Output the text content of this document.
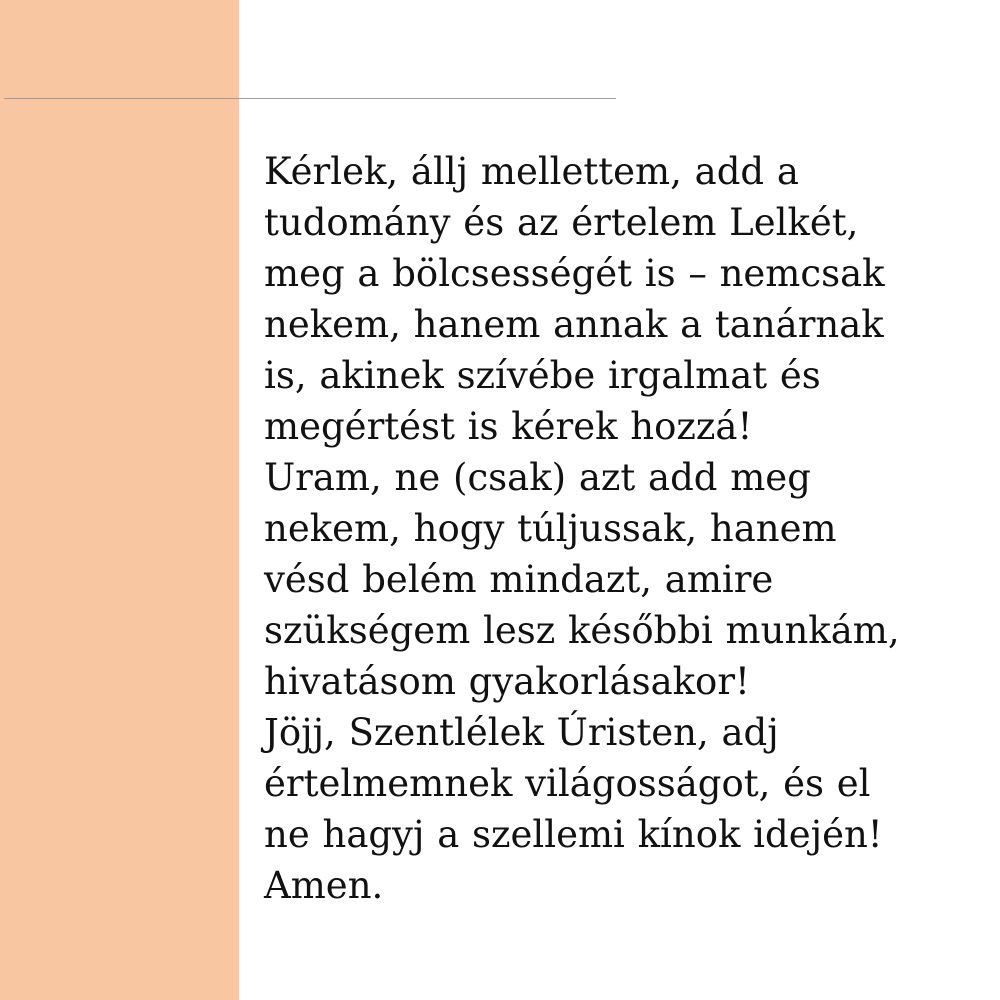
Kérlek, állj mellettem, add a
tudomány és az értelem Lelkét,
meg a bölcsességét is – nemcsak
nekem, hanem annak a tanárnak
is, akinek szívébe irgalmat és
megértést is kérek hozzá!
Uram, ne (csak) azt add meg
nekem, hogy túljussak, hanem
vésd belém mindazt, amire
szükségem lesz későbbi munkám,
hivatásom gyakorlásakor!
Jöjj, Szentlélek Úristen, adj
értelmemnek világosságot, és el
ne hagyj a szellemi kínok idején!
Amen.
